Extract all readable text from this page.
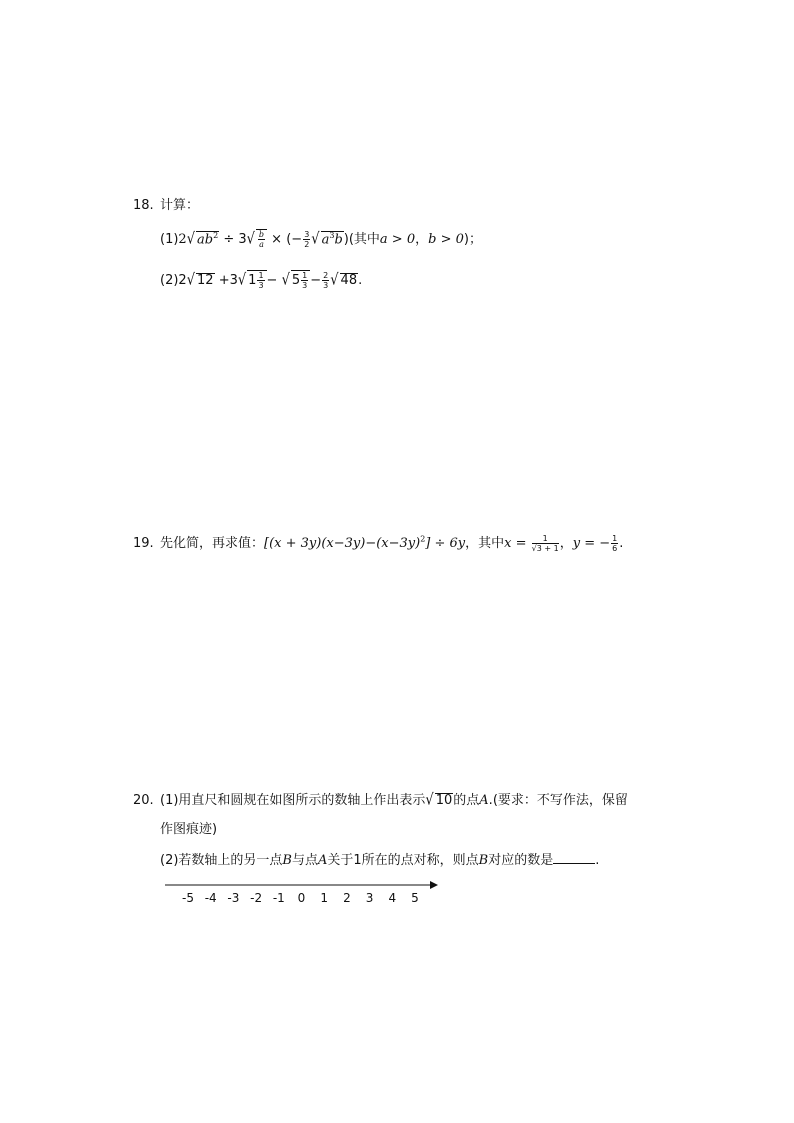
18. 计算：
(1)2√ $ab^2 \div 3√ \frac{b}{a}$ × (− $\frac{3}{2}$ √ $a^3b$)(其中a > 0，b > 0)；
(2)2√ 12 +3√ $1 \frac{1}{3}$ − √ $5 \frac{1}{3} - \frac{2}{3}$ √ 48.
19. 先化简，再求值：$[(x + 3y)(x-3y)-(x-3y)^2] \div 6y$，其中$x = \frac{1}{√3 + 1}$ ，y = − $\frac{1}{6}$ .
20. (1)用直尺和圆规在如图所示的数轴上作出表示√ 10的点A.(要求：不写作法，保留
作图痕迹)
(2)若数轴上的另一点B与点A关于1所在的点对称，则点B对应的数是	.
-5 -4 -3 -2 -1 0 1 2 3 4 5
